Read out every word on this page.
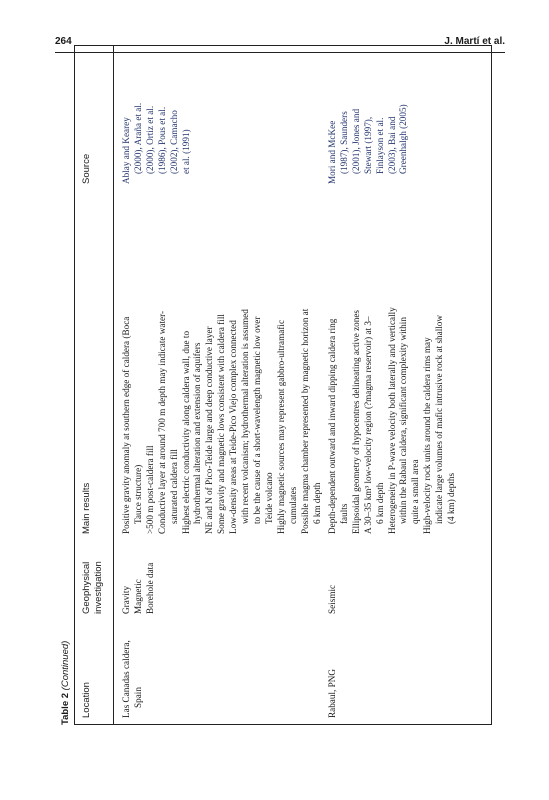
264	J. Martí et al.
Table 2 (Continued)
Location
Geophysical investigation
Main results
Source
Las Canadas caldera, Spain
Gravity Magnetic Borehole data
Positive gravity anomaly at southern edge of caldera (Boca Tauce structure) >500 m post-caldera fill Conductive layer at around 700 m depth may indicate water- saturated caldera fill Highest electric conductivity along caldera wall, due to hydrothermal alteration and extension of aquifers NE and N of Pico-Teide large and deep conductive layer Some gravity and magnetic lows consistent with caldera fill Low-density areas at Teide-Pico Viejo complex connected with recent volcanism; hydrothermal alteration is assumed to be the cause of a short-wavelength magnetic low over Teide volcano Highly magnetic sources may represent gabbro-ultramafic cumulates Possible magma chamber represented by magnetic horizon at 6 km depth
Ablay and Kearey (2000), Araña et al. (2000), Ortiz et al. (1986), Pous et al. (2002), Camacho et al. (1991)
Rabaul, PNG
Seismic
Depth-dependent outward and inward dipping caldera ring faults Ellipsoidal geometry of hypocentres delineating active zones A 30–35 km³ low-velocity region (?magma reservoir) at 3– 6 km depth Heterogeneity in P-wave velocity both laterally and vertically within the Rabaul caldera, significant complexity within quite a small area High-velocity rock units around the caldera rims may indicate large volumes of mafic intrusive rock at shallow (4 km) depths
Mori and McKee (1987), Saunders (2001), Jones and Stewart (1997), Finlayson et al. (2003), Bai and Greenhalgh (2005)
